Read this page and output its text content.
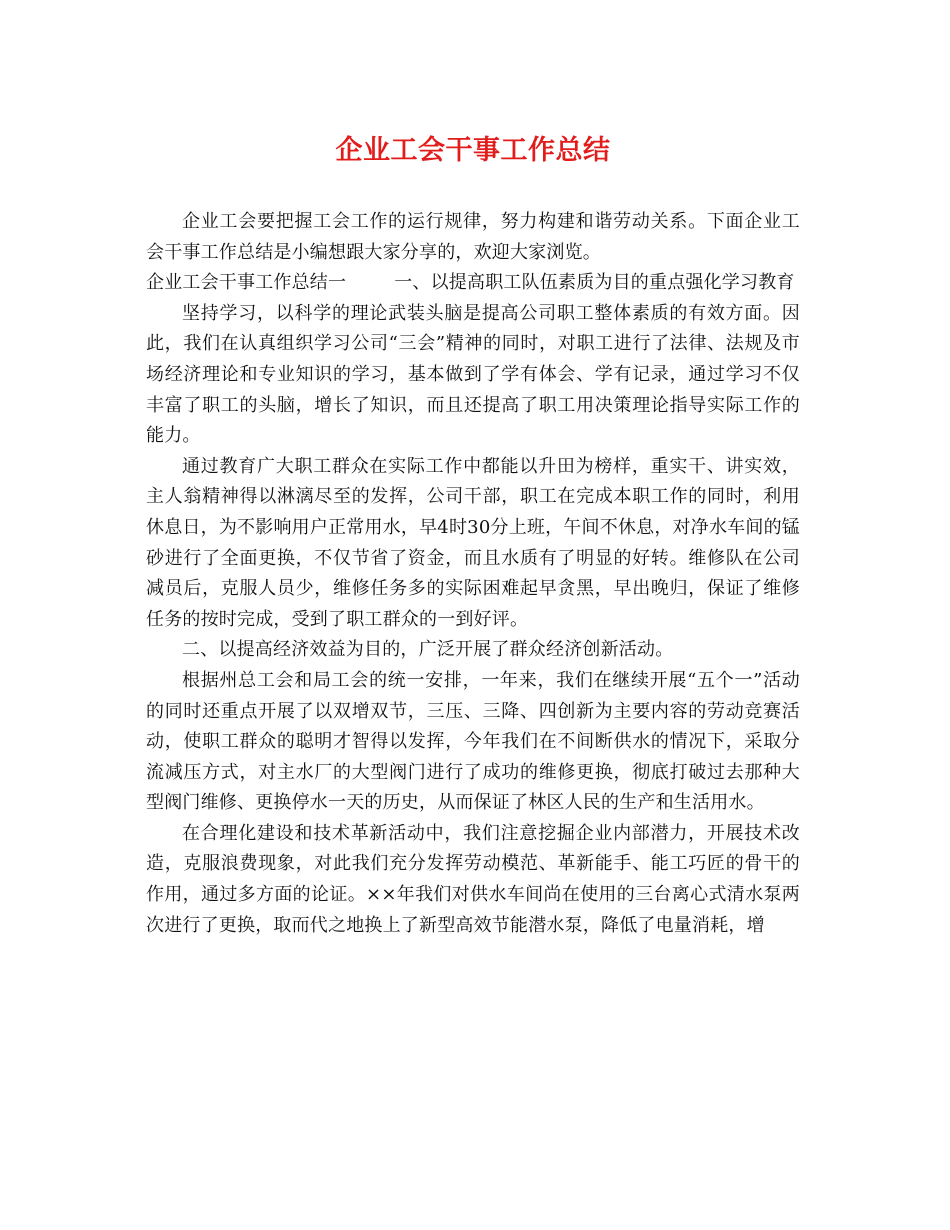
企业工会干事工作总结

企业工会要把握工会工作的运行规律，努力构建和谐劳动关系。下面企业工会干事工作总结是小编想跟大家分享的，欢迎大家浏览。

企业工会干事工作总结一	一、以提高职工队伍素质为目的重点强化学习教育

坚持学习，以科学的理论武装头脑是提高公司职工整体素质的有效方面。因此，我们在认真组织学习公司“三会”精神的同时，对职工进行了法律、法规及市场经济理论和专业知识的学习，基本做到了学有体会、学有记录，通过学习不仅丰富了职工的头脑，增长了知识，而且还提高了职工用决策理论指导实际工作的能力。

通过教育广大职工群众在实际工作中都能以升田为榜样，重实干、讲实效，主人翁精神得以淋漓尽至的发挥，公司干部，职工在完成本职工作的同时，利用休息日，为不影响用户正常用水，早4时30分上班，午间不休息，对净水车间的锰砂进行了全面更换，不仅节省了资金，而且水质有了明显的好转。维修队在公司减员后，克服人员少，维修任务多的实际困难起早贪黑，早出晚归，保证了维修任务的按时完成，受到了职工群众的一到好评。

二、以提高经济效益为目的，广泛开展了群众经济创新活动。

根据州总工会和局工会的统一安排，一年来，我们在继续开展“五个一”活动的同时还重点开展了以双增双节，三压、三降、四创新为主要内容的劳动竞赛活动，使职工群众的聪明才智得以发挥，今年我们在不间断供水的情况下，采取分流减压方式，对主水厂的大型阀门进行了成功的维修更换，彻底打破过去那种大型阀门维修、更换停水一天的历史，从而保证了林区人民的生产和生活用水。

在合理化建设和技术革新活动中，我们注意挖掘企业内部潜力，开展技术改造，克服浪费现象，对此我们充分发挥劳动模范、革新能手、能工巧匠的骨干的作用，通过多方面的论证。××年我们对供水车间尚在使用的三台离心式清水泵两次进行了更换，取而代之地换上了新型高效节能潜水泵，降低了电量消耗，增
